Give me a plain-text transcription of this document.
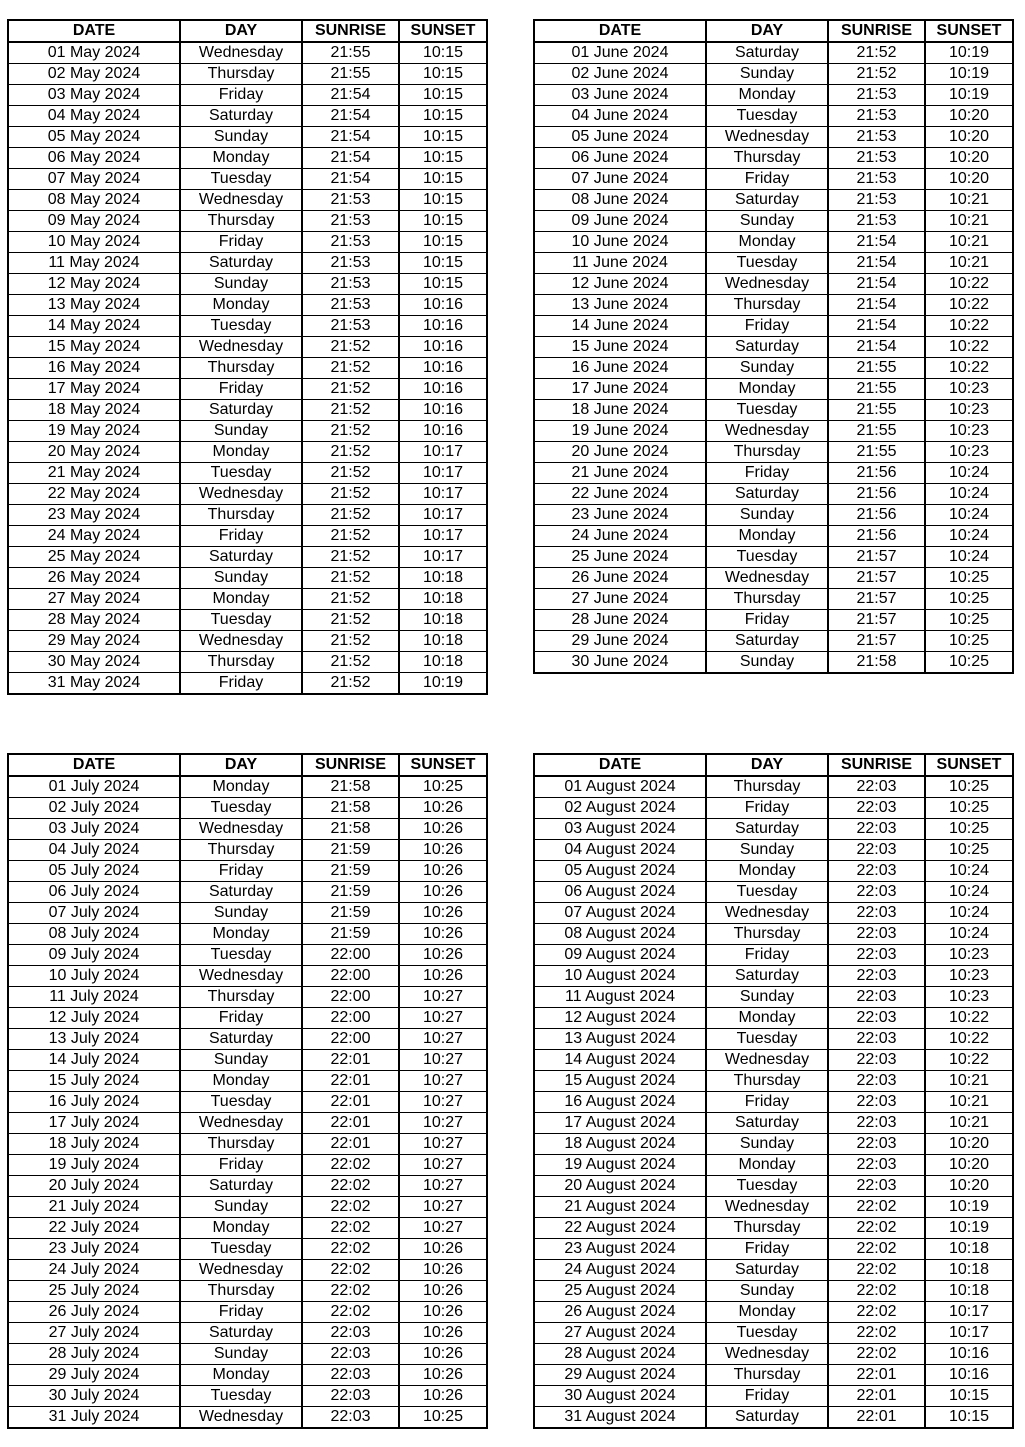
DATE	DAY	SUNRISE	SUNSET
01 May 2024	Wednesday	21:55	10:15
02 May 2024	Thursday	21:55	10:15
03 May 2024	Friday	21:54	10:15
04 May 2024	Saturday	21:54	10:15
05 May 2024	Sunday	21:54	10:15
06 May 2024	Monday	21:54	10:15
07 May 2024	Tuesday	21:54	10:15
08 May 2024	Wednesday	21:53	10:15
09 May 2024	Thursday	21:53	10:15
10 May 2024	Friday	21:53	10:15
11 May 2024	Saturday	21:53	10:15
12 May 2024	Sunday	21:53	10:15
13 May 2024	Monday	21:53	10:16
14 May 2024	Tuesday	21:53	10:16
15 May 2024	Wednesday	21:52	10:16
16 May 2024	Thursday	21:52	10:16
17 May 2024	Friday	21:52	10:16
18 May 2024	Saturday	21:52	10:16
19 May 2024	Sunday	21:52	10:16
20 May 2024	Monday	21:52	10:17
21 May 2024	Tuesday	21:52	10:17
22 May 2024	Wednesday	21:52	10:17
23 May 2024	Thursday	21:52	10:17
24 May 2024	Friday	21:52	10:17
25 May 2024	Saturday	21:52	10:17
26 May 2024	Sunday	21:52	10:18
27 May 2024	Monday	21:52	10:18
28 May 2024	Tuesday	21:52	10:18
29 May 2024	Wednesday	21:52	10:18
30 May 2024	Thursday	21:52	10:18
31 May 2024	Friday	21:52	10:19
DATE	DAY	SUNRISE	SUNSET
01 June 2024	Saturday	21:52	10:19
02 June 2024	Sunday	21:52	10:19
03 June 2024	Monday	21:53	10:19
04 June 2024	Tuesday	21:53	10:20
05 June 2024	Wednesday	21:53	10:20
06 June 2024	Thursday	21:53	10:20
07 June 2024	Friday	21:53	10:20
08 June 2024	Saturday	21:53	10:21
09 June 2024	Sunday	21:53	10:21
10 June 2024	Monday	21:54	10:21
11 June 2024	Tuesday	21:54	10:21
12 June 2024	Wednesday	21:54	10:22
13 June 2024	Thursday	21:54	10:22
14 June 2024	Friday	21:54	10:22
15 June 2024	Saturday	21:54	10:22
16 June 2024	Sunday	21:55	10:22
17 June 2024	Monday	21:55	10:23
18 June 2024	Tuesday	21:55	10:23
19 June 2024	Wednesday	21:55	10:23
20 June 2024	Thursday	21:55	10:23
21 June 2024	Friday	21:56	10:24
22 June 2024	Saturday	21:56	10:24
23 June 2024	Sunday	21:56	10:24
24 June 2024	Monday	21:56	10:24
25 June 2024	Tuesday	21:57	10:24
26 June 2024	Wednesday	21:57	10:25
27 June 2024	Thursday	21:57	10:25
28 June 2024	Friday	21:57	10:25
29 June 2024	Saturday	21:57	10:25
30 June 2024	Sunday	21:58	10:25
DATE	DAY	SUNRISE	SUNSET
01 July 2024	Monday	21:58	10:25
02 July 2024	Tuesday	21:58	10:26
03 July 2024	Wednesday	21:58	10:26
04 July 2024	Thursday	21:59	10:26
05 July 2024	Friday	21:59	10:26
06 July 2024	Saturday	21:59	10:26
07 July 2024	Sunday	21:59	10:26
08 July 2024	Monday	21:59	10:26
09 July 2024	Tuesday	22:00	10:26
10 July 2024	Wednesday	22:00	10:26
11 July 2024	Thursday	22:00	10:27
12 July 2024	Friday	22:00	10:27
13 July 2024	Saturday	22:00	10:27
14 July 2024	Sunday	22:01	10:27
15 July 2024	Monday	22:01	10:27
16 July 2024	Tuesday	22:01	10:27
17 July 2024	Wednesday	22:01	10:27
18 July 2024	Thursday	22:01	10:27
19 July 2024	Friday	22:02	10:27
20 July 2024	Saturday	22:02	10:27
21 July 2024	Sunday	22:02	10:27
22 July 2024	Monday	22:02	10:27
23 July 2024	Tuesday	22:02	10:26
24 July 2024	Wednesday	22:02	10:26
25 July 2024	Thursday	22:02	10:26
26 July 2024	Friday	22:02	10:26
27 July 2024	Saturday	22:03	10:26
28 July 2024	Sunday	22:03	10:26
29 July 2024	Monday	22:03	10:26
30 July 2024	Tuesday	22:03	10:26
31 July 2024	Wednesday	22:03	10:25
DATE	DAY	SUNRISE	SUNSET
01 August 2024	Thursday	22:03	10:25
02 August 2024	Friday	22:03	10:25
03 August 2024	Saturday	22:03	10:25
04 August 2024	Sunday	22:03	10:25
05 August 2024	Monday	22:03	10:24
06 August 2024	Tuesday	22:03	10:24
07 August 2024	Wednesday	22:03	10:24
08 August 2024	Thursday	22:03	10:24
09 August 2024	Friday	22:03	10:23
10 August 2024	Saturday	22:03	10:23
11 August 2024	Sunday	22:03	10:23
12 August 2024	Monday	22:03	10:22
13 August 2024	Tuesday	22:03	10:22
14 August 2024	Wednesday	22:03	10:22
15 August 2024	Thursday	22:03	10:21
16 August 2024	Friday	22:03	10:21
17 August 2024	Saturday	22:03	10:21
18 August 2024	Sunday	22:03	10:20
19 August 2024	Monday	22:03	10:20
20 August 2024	Tuesday	22:03	10:20
21 August 2024	Wednesday	22:02	10:19
22 August 2024	Thursday	22:02	10:19
23 August 2024	Friday	22:02	10:18
24 August 2024	Saturday	22:02	10:18
25 August 2024	Sunday	22:02	10:18
26 August 2024	Monday	22:02	10:17
27 August 2024	Tuesday	22:02	10:17
28 August 2024	Wednesday	22:02	10:16
29 August 2024	Thursday	22:01	10:16
30 August 2024	Friday	22:01	10:15
31 August 2024	Saturday	22:01	10:15
